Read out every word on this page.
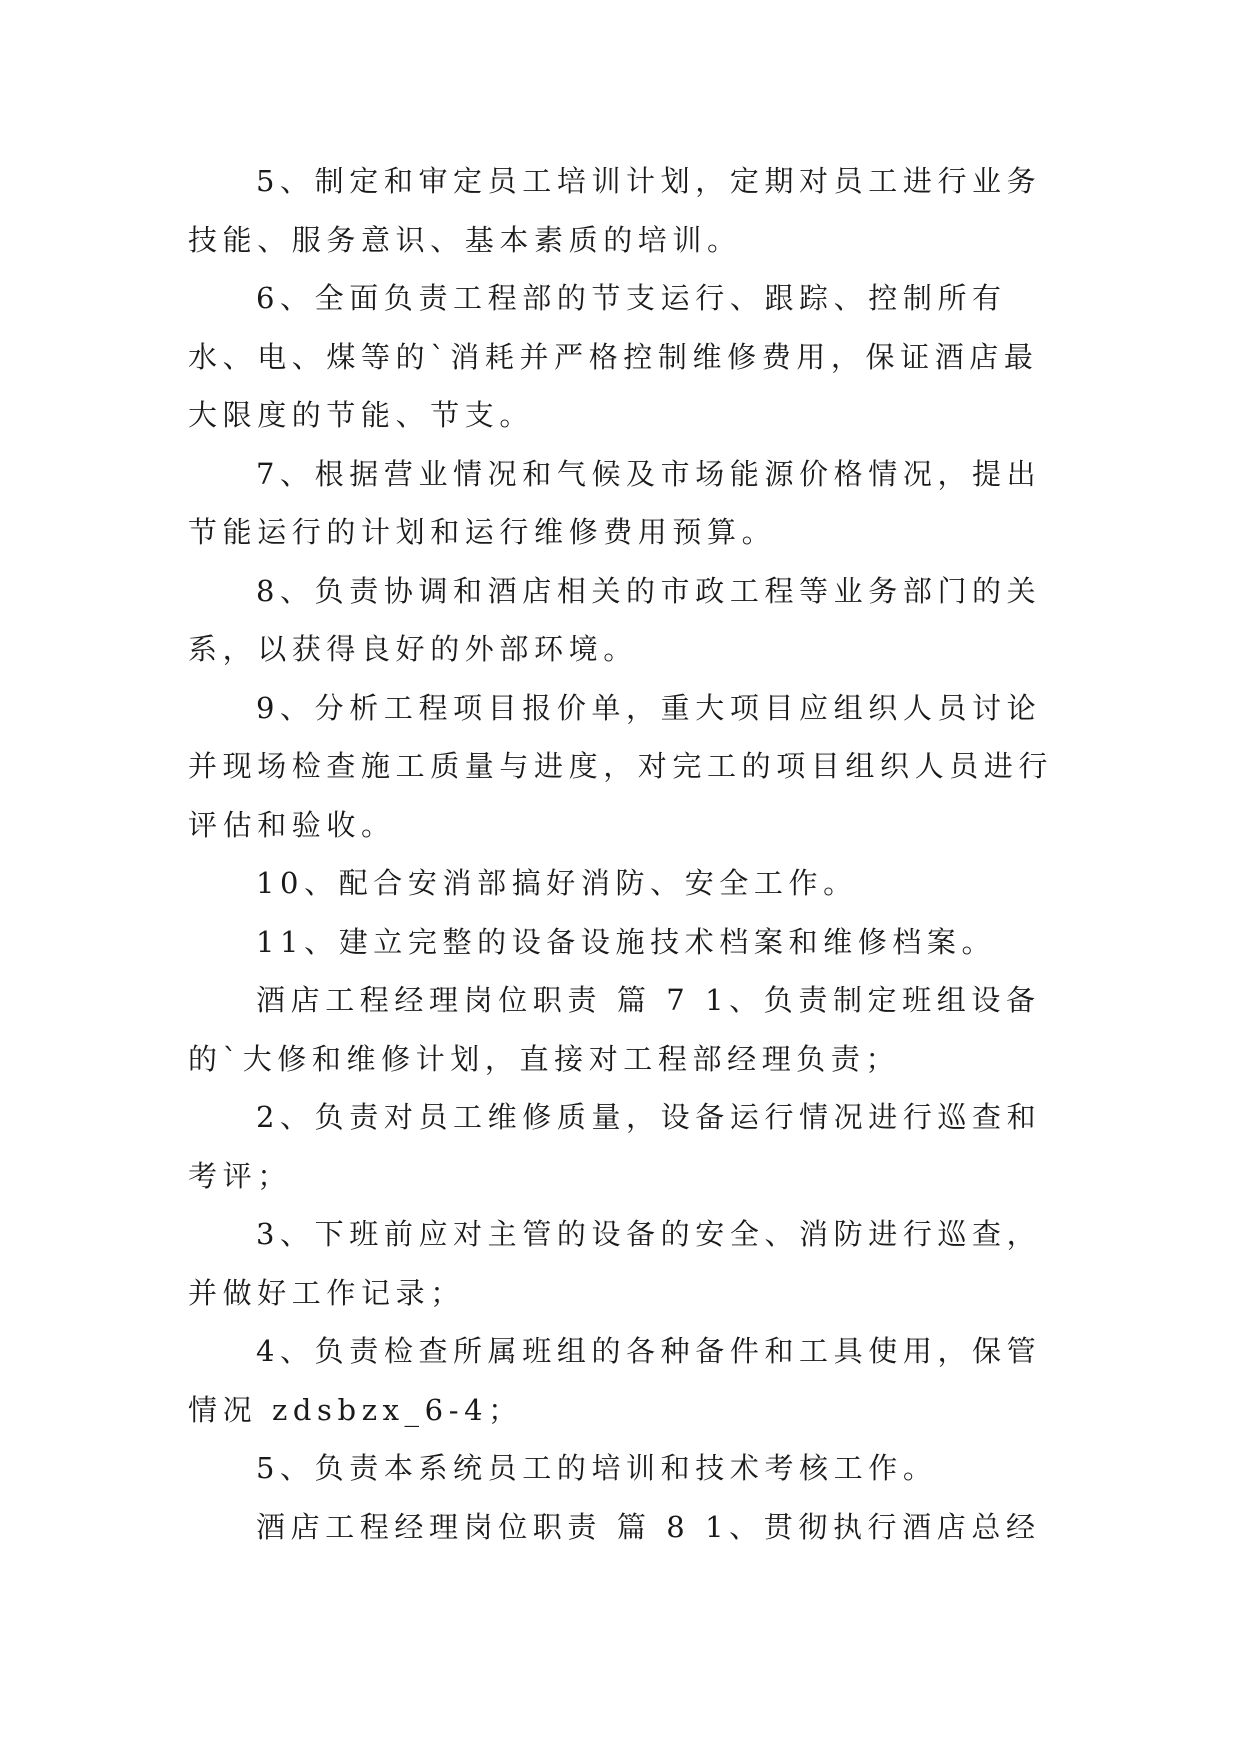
5、制定和审定员工培训计划，定期对员工进行业务技能、服务意识、基本素质的培训。

6、全面负责工程部的节支运行、跟踪、控制所有水、电、煤等的`消耗并严格控制维修费用，保证酒店最大限度的节能、节支。

7、根据营业情况和气候及市场能源价格情况，提出节能运行的计划和运行维修费用预算。

8、负责协调和酒店相关的市政工程等业务部门的关系，以获得良好的外部环境。

9、分析工程项目报价单，重大项目应组织人员讨论并现场检查施工质量与进度，对完工的项目组织人员进行评估和验收。

10、配合安消部搞好消防、安全工作。

11、建立完整的设备设施技术档案和维修档案。

酒店工程经理岗位职责 篇 7 1、负责制定班组设备的`大修和维修计划，直接对工程部经理负责；

2、负责对员工维修质量，设备运行情况进行巡查和考评；

3、下班前应对主管的设备的安全、消防进行巡查，并做好工作记录；

4、负责检查所属班组的各种备件和工具使用，保管情况 zdsbzx_6-4；

5、负责本系统员工的培训和技术考核工作。

酒店工程经理岗位职责 篇 8 1、贯彻执行酒店总经
